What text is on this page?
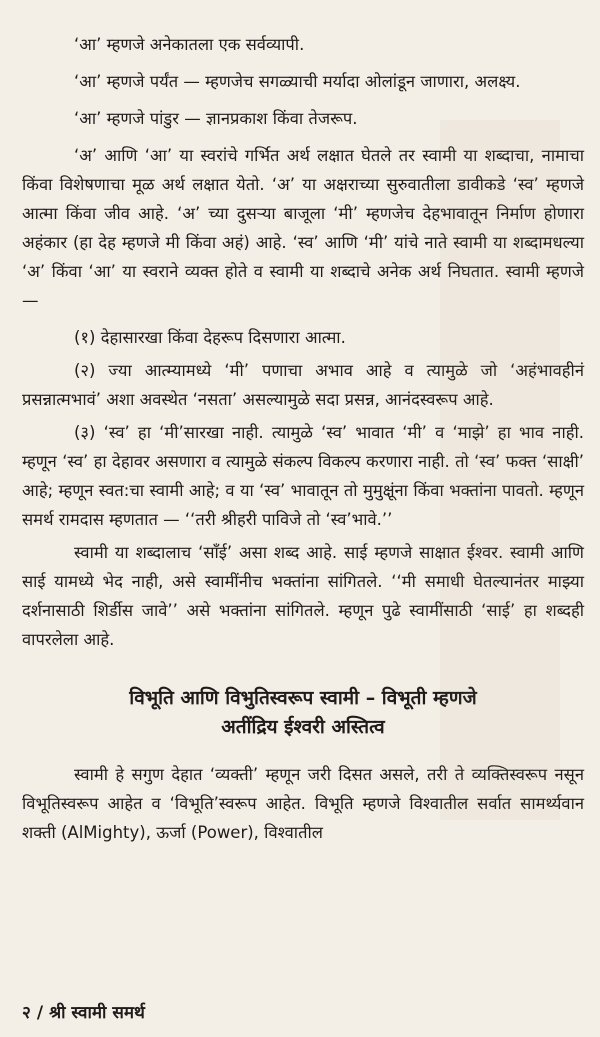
‘आ’ म्हणजे अनेकातला एक सर्वव्यापी.

‘आ’ म्हणजे पर्यंत — म्हणजेच सगळ्याची मर्यादा ओलांडून जाणारा, अलक्ष्य.

‘आ’ म्हणजे पांडुर — ज्ञानप्रकाश किंवा तेजरूप.

‘अ’ आणि ‘आ’ या स्वरांचे गर्भित अर्थ लक्षात घेतले तर स्वामी या शब्दाचा, नामाचा किंवा विशेषणाचा मूळ अर्थ लक्षात येतो. ‘अ’ या अक्षराच्या सुरुवातीला डावीकडे ‘स्व’ म्हणजे आत्मा किंवा जीव आहे. ‘अ’ च्या दुसऱ्या बाजूला ‘मी’ म्हणजेच देहभावातून निर्माण होणारा अहंकार (हा देह म्हणजे मी किंवा अहं) आहे. ‘स्व’ आणि ‘मी’ यांचे नाते स्वामी या शब्दामधल्या ‘अ’ किंवा ‘आ’ या स्वराने व्यक्त होते व स्वामी या शब्दाचे अनेक अर्थ निघतात. स्वामी म्हणजे —

(१) देहासारखा किंवा देहरूप दिसणारा आत्मा.

(२) ज्या आत्म्यामध्ये ‘मी’ पणाचा अभाव आहे व त्यामुळे जो ‘अहंभावहीनं प्रसन्नात्मभावं’ अशा अवस्थेत ‘नसता’ असल्यामुळे सदा प्रसन्न, आनंदस्वरूप आहे.

(३) ‘स्व’ हा ‘मी’सारखा नाही. त्यामुळे ‘स्व’ भावात ‘मी’ व ‘माझे’ हा भाव नाही. म्हणून ‘स्व’ हा देहावर असणारा व त्यामुळे संकल्प विकल्प करणारा नाही. तो ‘स्व’ फक्त ‘साक्षी’ आहे; म्हणून स्वत:चा स्वामी आहे; व या ‘स्व’ भावातून तो मुमुक्षूंना किंवा भक्तांना पावतो. म्हणून समर्थ रामदास म्हणतात — ‘‘तरी श्रीहरी पाविजे तो ‘स्व’भावे.’’

स्वामी या शब्दालाच ‘साँई’ असा शब्द आहे. साई म्हणजे साक्षात ईश्वर. स्वामी आणि साई यामध्ये भेद नाही, असे स्वामींनीच भक्तांना सांगितले. ‘‘मी समाधी घेतल्यानंतर माझ्या दर्शनासाठी शिर्डीस जावे’’ असे भक्तांना सांगितले. म्हणून पुढे स्वामींसाठी ‘साई’ हा शब्दही वापरलेला आहे.

विभूति आणि विभुतिस्वरूप स्वामी – विभूती म्हणजे
अतींद्रिय ईश्वरी अस्तित्व

स्वामी हे सगुण देहात ‘व्यक्ती’ म्हणून जरी दिसत असले, तरी ते व्यक्तिस्वरूप नसून विभूतिस्वरूप आहेत व ‘विभूति’स्वरूप आहेत. विभूति म्हणजे विश्वातील सर्वात सामर्थ्यवान शक्ती (AlMighty), ऊर्जा (Power), विश्वातील

२ / श्री स्वामी समर्थ
